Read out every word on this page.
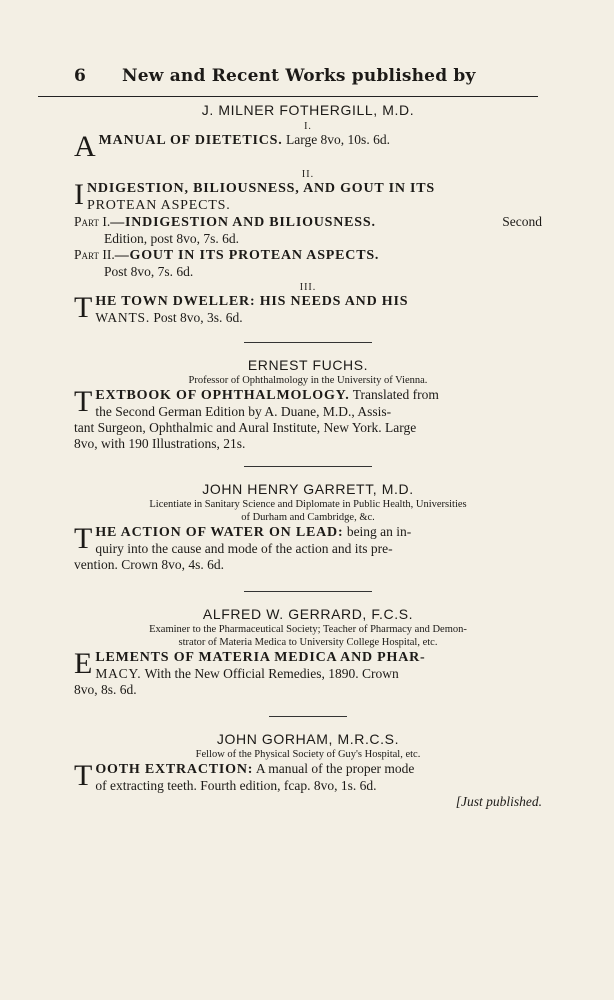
6 New and Recent Works published by
J. MILNER FOTHERGILL, M.D.
I.
A MANUAL OF DIETETICS. Large 8vo, 10s. 6d.
II.
I NDIGESTION, BILIOUSNESS, AND GOUT IN ITS
PROTEAN ASPECTS.
Part I.—INDIGESTION AND BILIOUSNESS.	Second
Edition, post 8vo, 7s. 6d.
Part II.—GOUT IN ITS PROTEAN ASPECTS.
Post 8vo, 7s. 6d.
III.
T HE TOWN DWELLER: HIS NEEDS AND HIS
WANTS. Post 8vo, 3s. 6d.
ERNEST FUCHS.
Professor of Ophthalmology in the University of Vienna.
T EXTBOOK OF OPHTHALMOLOGY. Translated from
the Second German Edition by A. Duane, M.D., Assis-
tant Surgeon, Ophthalmic and Aural Institute, New York. Large
8vo, with 190 Illustrations, 21s.
JOHN HENRY GARRETT, M.D.
Licentiate in Sanitary Science and Diplomate in Public Health, Universities
of Durham and Cambridge, &c.
T HE ACTION OF WATER ON LEAD: being an in-
quiry into the cause and mode of the action and its pre-
vention. Crown 8vo, 4s. 6d.
ALFRED W. GERRARD, F.C.S.
Examiner to the Pharmaceutical Society; Teacher of Pharmacy and Demon-
strator of Materia Medica to University College Hospital, etc.
E LEMENTS OF MATERIA MEDICA AND PHAR-
MACY. With the New Official Remedies, 1890. Crown
8vo, 8s. 6d.
JOHN GORHAM, M.R.C.S.
Fellow of the Physical Society of Guy's Hospital, etc.
T OOTH EXTRACTION: A manual of the proper mode
of extracting teeth. Fourth edition, fcap. 8vo, 1s. 6d.
[Just published.
